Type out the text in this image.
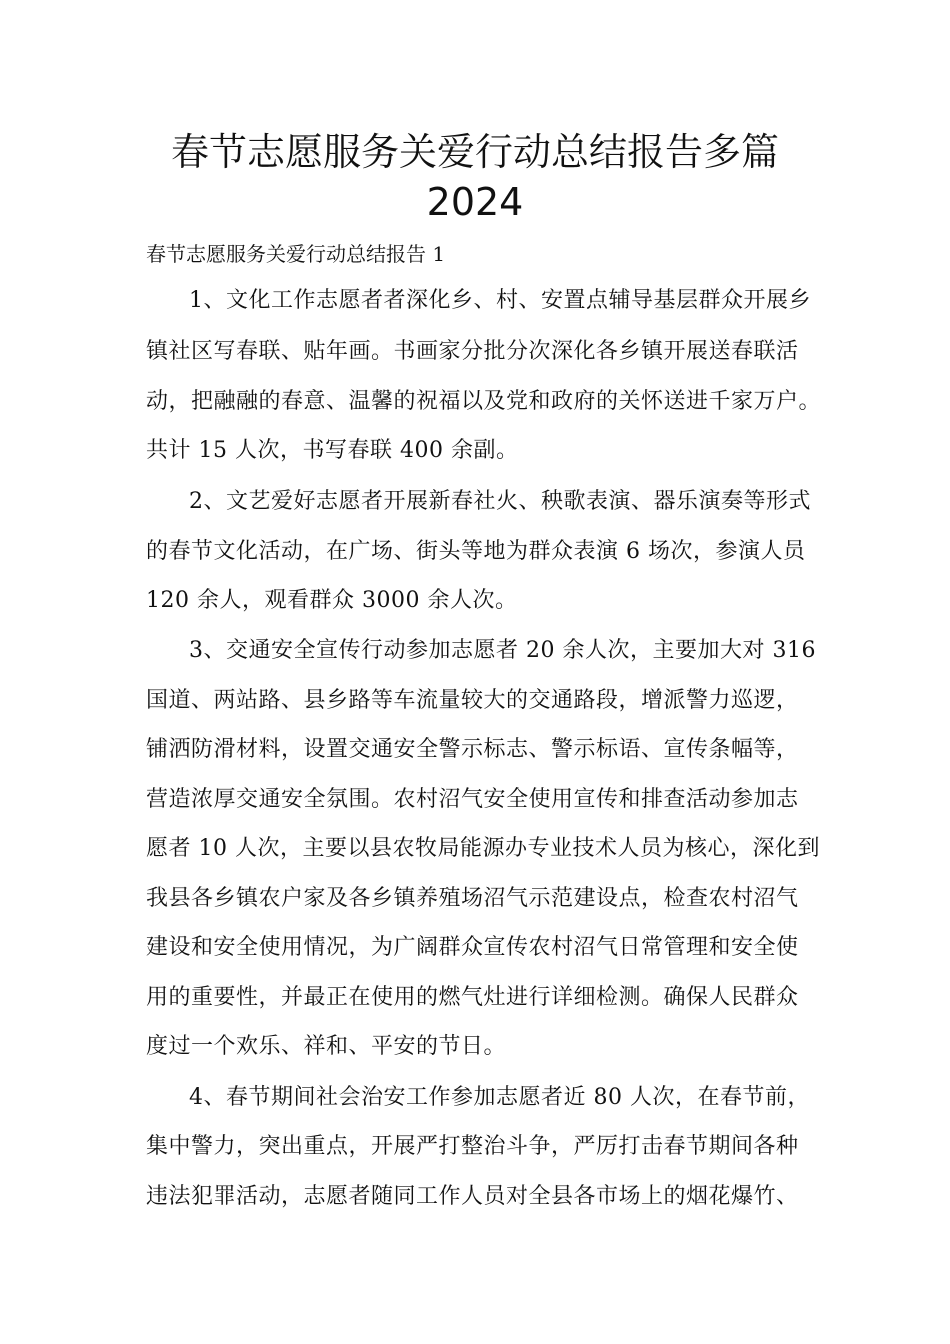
春节志愿服务关爱行动总结报告多篇
2024
春节志愿服务关爱行动总结报告 1
1、文化工作志愿者者深化乡、村、安置点辅导基层群众开展乡
镇社区写春联、贴年画。书画家分批分次深化各乡镇开展送春联活
动，把融融的春意、温馨的祝福以及党和政府的关怀送进千家万户。
共计 15 人次，书写春联 400 余副。
2、文艺爱好志愿者开展新春社火、秧歌表演、器乐演奏等形式
的春节文化活动，在广场、街头等地为群众表演 6 场次，参演人员
120 余人，观看群众 3000 余人次。
3、交通安全宣传行动参加志愿者 20 余人次，主要加大对 316
国道、两站路、县乡路等车流量较大的交通路段，增派警力巡逻，
铺洒防滑材料，设置交通安全警示标志、警示标语、宣传条幅等，
营造浓厚交通安全氛围。农村沼气安全使用宣传和排查活动参加志
愿者 10 人次，主要以县农牧局能源办专业技术人员为核心，深化到
我县各乡镇农户家及各乡镇养殖场沼气示范建设点，检查农村沼气
建设和安全使用情况，为广阔群众宣传农村沼气日常管理和安全使
用的重要性，并最正在使用的燃气灶进行详细检测。确保人民群众
度过一个欢乐、祥和、平安的节日。
4、春节期间社会治安工作参加志愿者近 80 人次，在春节前，
集中警力，突出重点，开展严打整治斗争，严厉打击春节期间各种
违法犯罪活动，志愿者随同工作人员对全县各市场上的烟花爆竹、
